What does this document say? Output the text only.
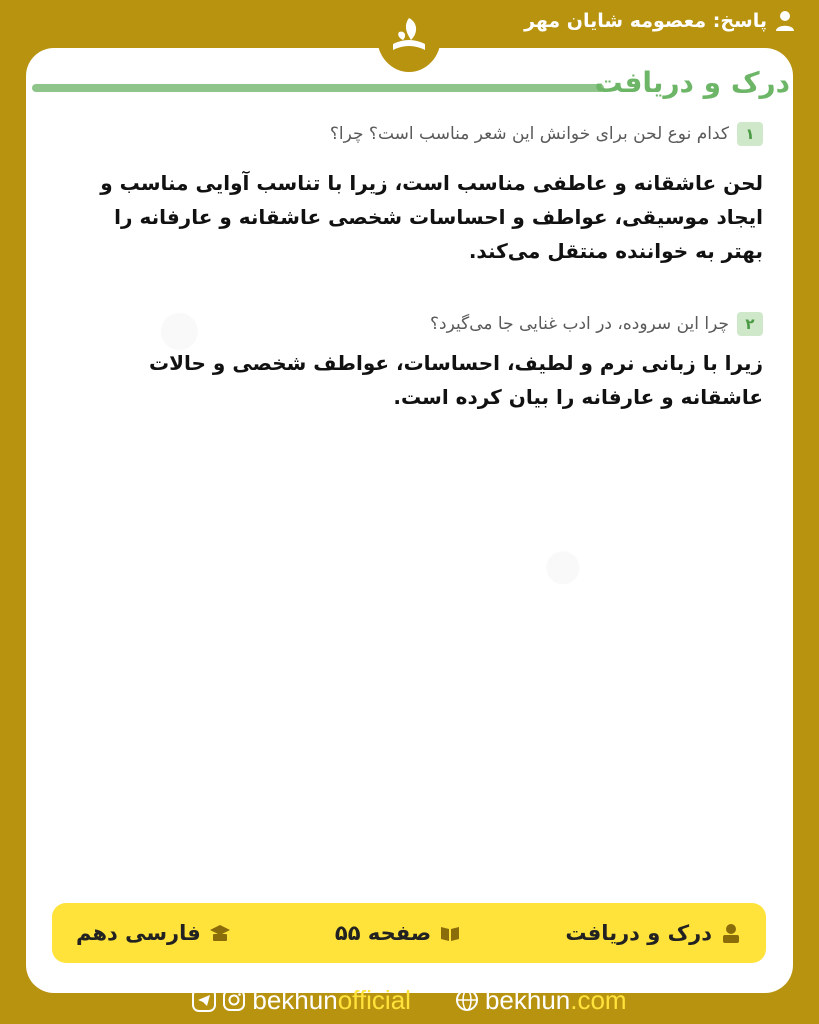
پاسخ: معصومه شایان مهر
درک و دریافت
۱
کدام نوع لحن برای خوانش این شعر مناسب است؟ چرا؟
لحن عاشقانه و عاطفی مناسب است، زیرا با تناسب آوایی مناسب و
ایجاد موسیقی، عواطف و احساسات شخصی عاشقانه و عارفانه را
بهتر به خواننده منتقل می‌کند.
۲
چرا این سروده، در ادب غنایی جا می‌گیرد؟
زیرا با زبانی نرم و لطیف، احساسات، عواطف شخصی و حالات
عاشقانه و عارفانه را بیان کرده است.
درک و دریافت
صفحه ۵۵
فارسی دهم
bekhunofficial	bekhun.com
